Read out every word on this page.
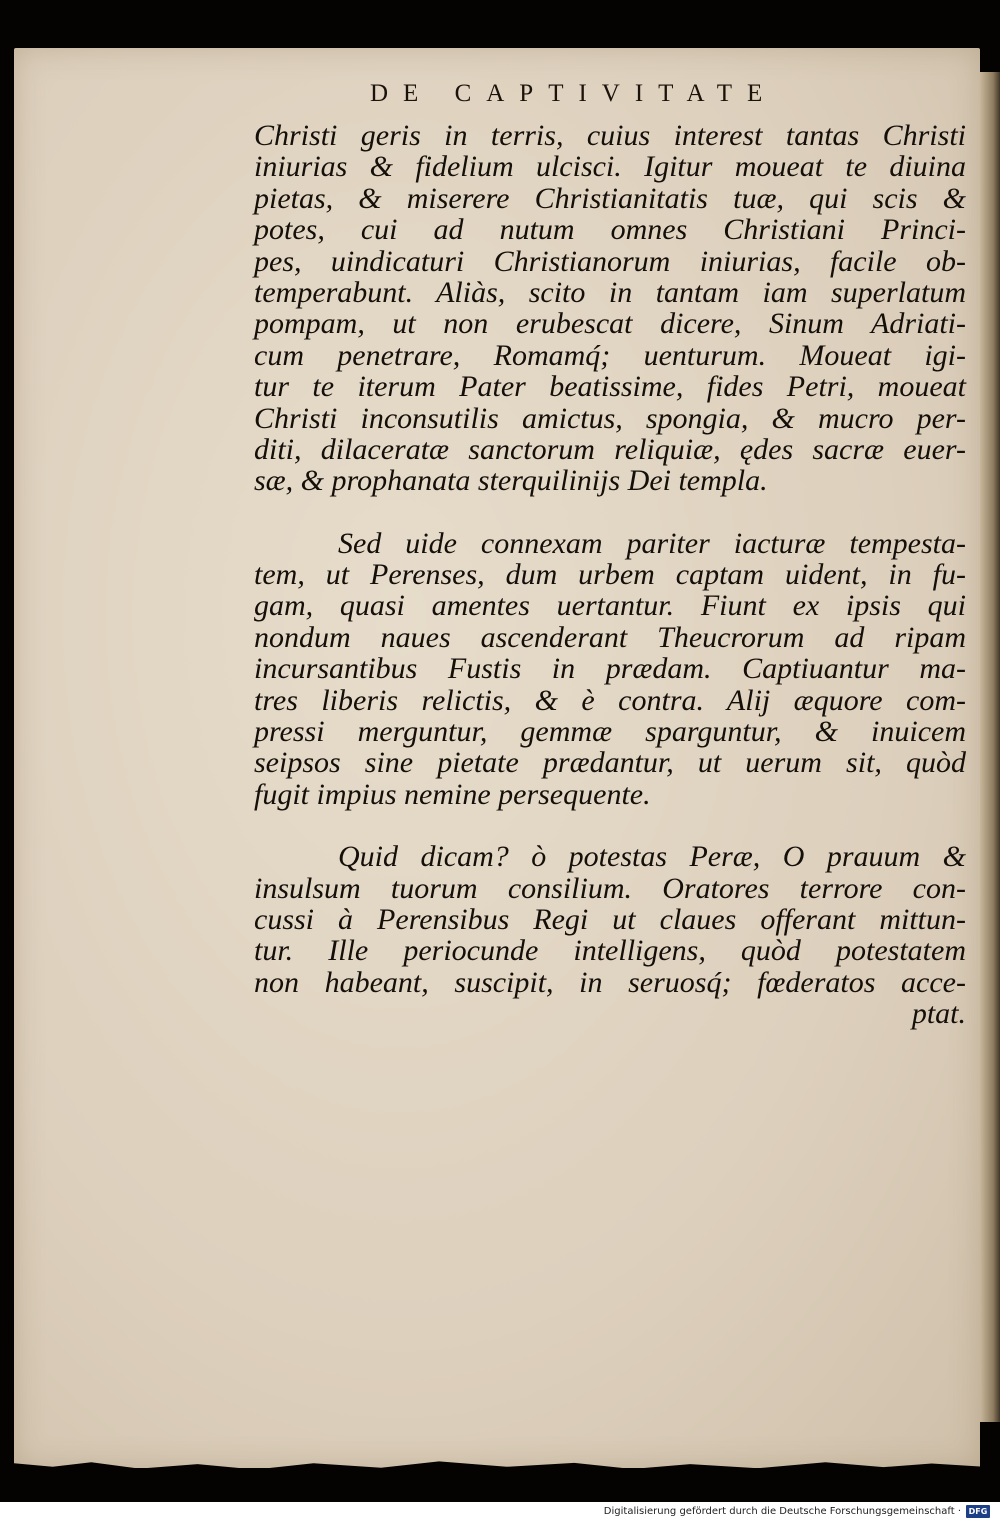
DE CAPTIVITATE
Christi geris in terris, cuius interest tantas Christi
iniurias & fidelium ulcisci. Igitur moueat te diuina
pietas, & miserere Christianitatis tuæ, qui scis &
potes, cui ad nutum omnes Christiani Princi-
pes, uindicaturi Christianorum iniurias, facile ob-
temperabunt. Aliàs, scito in tantam iam superlatum
pompam, ut non erubescat dicere, Sinum Adriati-
cum penetrare, Romamq́; uenturum. Moueat igi-
tur te iterum Pater beatissime, fides Petri, moueat
Christi inconsutilis amictus, spongia, & mucro per-
diti, dilaceratæ sanctorum reliquiæ, ędes sacræ euer-
sæ, & prophanata sterquilinijs Dei templa.
Sed uide connexam pariter iacturæ tempesta-
tem, ut Perenses, dum urbem captam uident, in fu-
gam, quasi amentes uertantur. Fiunt ex ipsis qui
nondum naues ascenderant Theucrorum ad ripam
incursantibus Fustis in prædam. Captiuantur ma-
tres liberis relictis, & è contra. Alij æquore com-
pressi merguntur, gemmæ sparguntur, & inuicem
seipsos sine pietate prædantur, ut uerum sit, quòd
fugit impius nemine persequente.
Quid dicam? ò potestas Peræ, O prauum &
insulsum tuorum consilium. Oratores terrore con-
cussi à Perensibus Regi ut claues offerant mittun-
tur. Ille periocunde intelligens, quòd potestatem
non habeant, suscipit, in seruosq́; fœderatos acce-
ptat.
Digitalisierung gefördert durch die Deutsche Forschungsgemeinschaft · DFG
